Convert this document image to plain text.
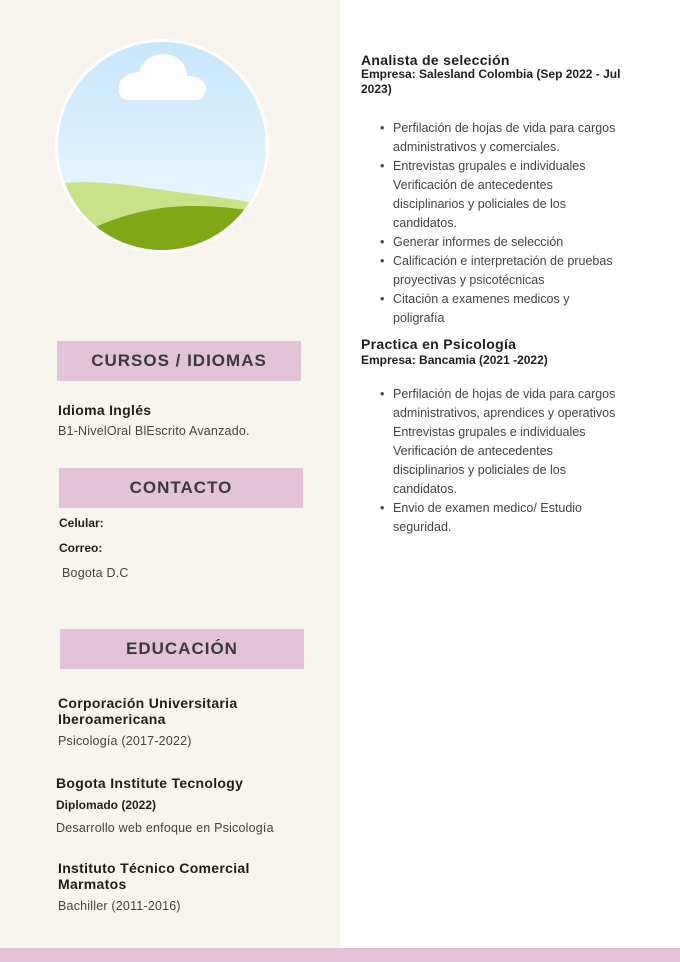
CURSOS / IDIOMAS
Idioma Inglés
B1-NivelOral BlEscrito Avanzado.
CONTACTO
Celular:
Correo:
Bogota D.C
EDUCACIÓN
Corporación Universitaria
Iberoamericana
Psicología (2017-2022)
Bogota Institute Tecnology
Diplomado (2022)
Desarrollo web enfoque en Psicología
Instituto Técnico Comercial
Marmatos
Bachiller (2011-2016)
Analista de selección
Empresa: Salesland Colombia (Sep 2022 - Jul 2023)
• Perfilación de hojas de vida para cargos
administrativos y comerciales.
• Entrevistas grupales e individuales
Verificación de antecedentes
disciplinarios y policiales de los
candidatos.
• Generar informes de selección
• Calificación e interpretación de pruebas
proyectivas y psicotécnicas
• Citación a examenes medicos y
poligrafía
Practica en Psicología
Empresa: Bancamia (2021 -2022)
• Perfilación de hojas de vida para cargos
administrativos, aprendices y operativos
Entrevistas grupales e individuales
Verificación de antecedentes
disciplinarios y policiales de los
candidatos.
• Envio de examen medico/ Estudio
seguridad.
